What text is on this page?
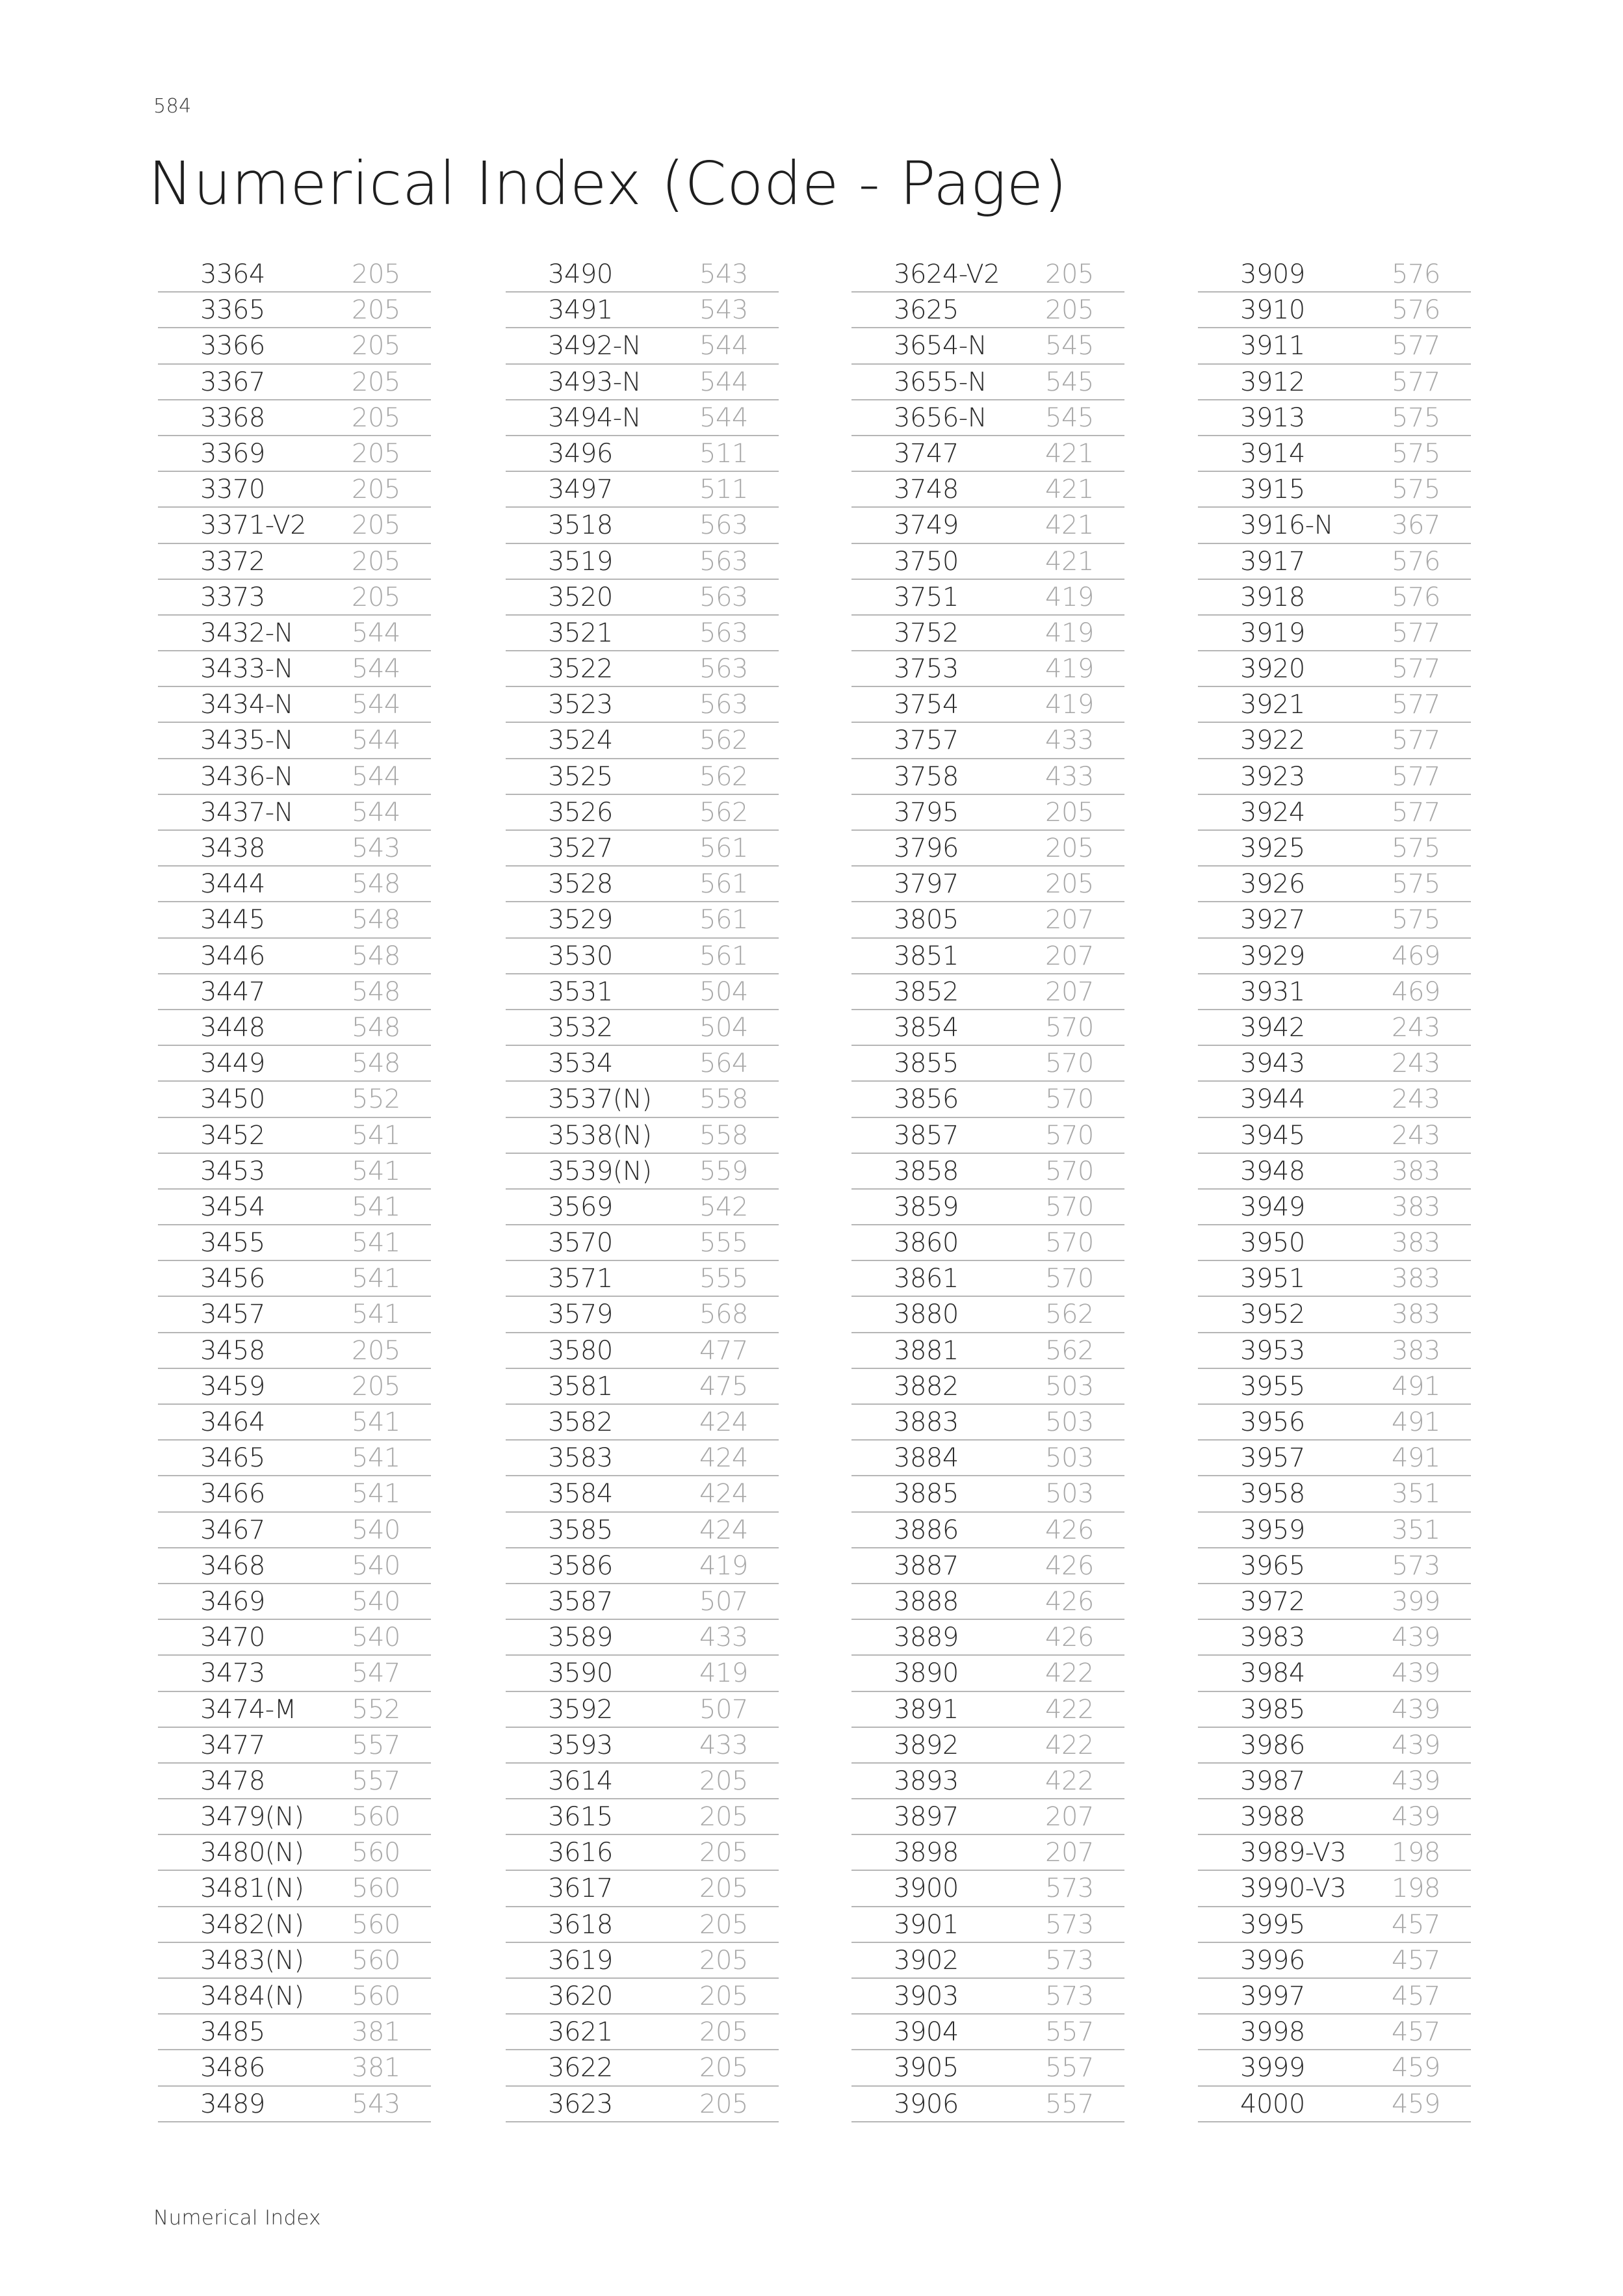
584
Numerical Index (Code - Page)
3364	205
3365	205
3366	205
3367	205
3368	205
3369	205
3370	205
3371-V2 205
3372	205
3373	205
3432-N 544
3433-N 544
3434-N 544
3435-N 544
3436-N 544
3437-N 544
3438	543
3444	548
3445	548
3446	548
3447	548
3448	548
3449	548
3450	552
3452	541
3453	541
3454	541
3455	541
3456	541
3457	541
3458	205
3459	205
3464	541
3465	541
3466	541
3467	540
3468	540
3469	540
3470	540
3473	547
3474-M 552
3477	557
3478	557
3479(N) 560
3480(N) 560
3481(N) 560
3482(N) 560
3483(N) 560
3484(N) 560
3485	381
3486	381
3489	543
3490	543
3491	543
3492-N 544
3493-N 544
3494-N 544
3496	511
3497	511
3518	563
3519	563
3520	563
3521	563
3522	563
3523	563
3524	562
3525	562
3526	562
3527	561
3528	561
3529	561
3530	561
3531	504
3532	504
3534	564
3537(N) 558
3538(N) 558
3539(N) 559
3569	542
3570	555
3571	555
3579	568
3580	477
3581	475
3582	424
3583	424
3584	424
3585	424
3586	419
3587	507
3589	433
3590	419
3592	507
3593	433
3614	205
3615	205
3616	205
3617	205
3618	205
3619	205
3620	205
3621	205
3622	205
3623	205
3624-V2 205
3625	205
3654-N 545
3655-N 545
3656-N 545
3747	421
3748	421
3749	421
3750	421
3751	419
3752	419
3753	419
3754	419
3757	433
3758	433
3795	205
3796	205
3797	205
3805	207
3851	207
3852	207
3854	570
3855	570
3856	570
3857	570
3858	570
3859	570
3860	570
3861	570
3880	562
3881	562
3882	503
3883	503
3884	503
3885	503
3886	426
3887	426
3888	426
3889	426
3890	422
3891	422
3892	422
3893	422
3897	207
3898	207
3900	573
3901	573
3902	573
3903	573
3904	557
3905	557
3906	557
3909	576
3910	576
3911	577
3912	577
3913	575
3914	575
3915	575
3916-N 367
3917	576
3918	576
3919	577
3920	577
3921	577
3922	577
3923	577
3924	577
3925	575
3926	575
3927	575
3929	469
3931	469
3942	243
3943	243
3944	243
3945	243
3948	383
3949	383
3950	383
3951	383
3952	383
3953	383
3955	491
3956	491
3957	491
3958	351
3959	351
3965	573
3972	399
3983	439
3984	439
3985	439
3986	439
3987	439
3988	439
3989-V3 198
3990-V3 198
3995	457
3996	457
3997	457
3998	457
3999	459
4000	459
Numerical Index
